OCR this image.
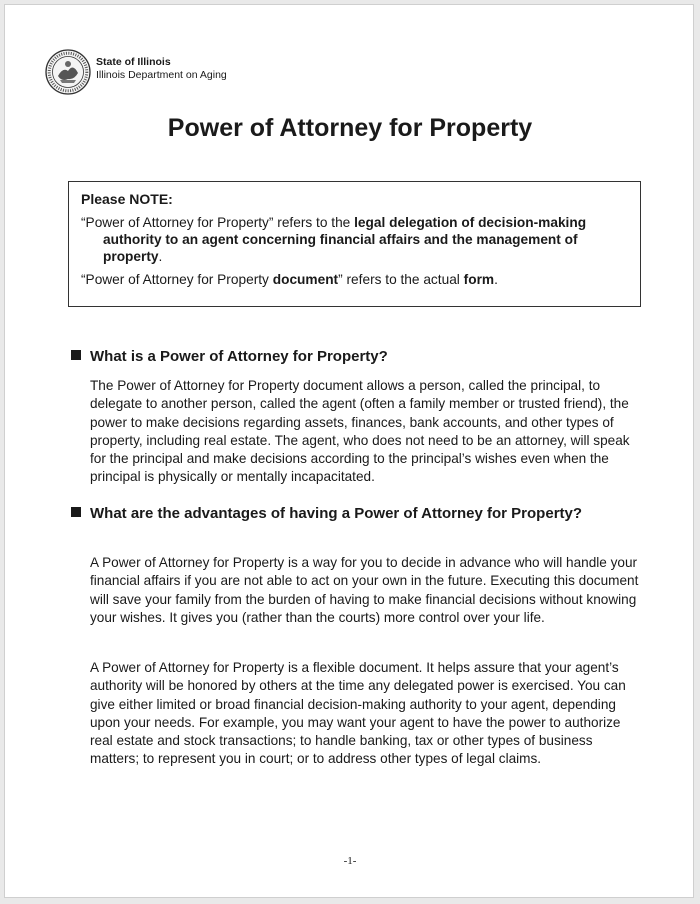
State of Illinois
Illinois Department on Aging
Power of Attorney for Property
Please NOTE:

“Power of Attorney for Property” refers to the legal delegation of decision-making authority to an agent concerning financial affairs and the management of property.

“Power of Attorney for Property document” refers to the actual form.

What is a Power of Attorney for Property?

The Power of Attorney for Property document allows a person, called the principal, to delegate to another person, called the agent (often a family member or trusted friend), the power to make decisions regarding assets, finances, bank accounts, and other types of property, including real estate. The agent, who does not need to be an attorney, will speak for the principal and make decisions according to the principal’s wishes even when the principal is physically or mentally incapacitated.

What are the advantages of having a Power of Attorney for Property?

A Power of Attorney for Property is a way for you to decide in advance who will handle your financial affairs if you are not able to act on your own in the future. Executing this document will save your family from the burden of having to make financial decisions without knowing your wishes. It gives you (rather than the courts) more control over your life.

A Power of Attorney for Property is a flexible document. It helps assure that your agent’s authority will be honored by others at the time any delegated power is exercised. You can give either limited or broad financial decision-making authority to your agent, depending upon your needs. For example, you may want your agent to have the power to authorize real estate and stock transactions; to handle banking, tax or other types of business matters; to represent you in court; or to address other types of legal claims.

-1-
